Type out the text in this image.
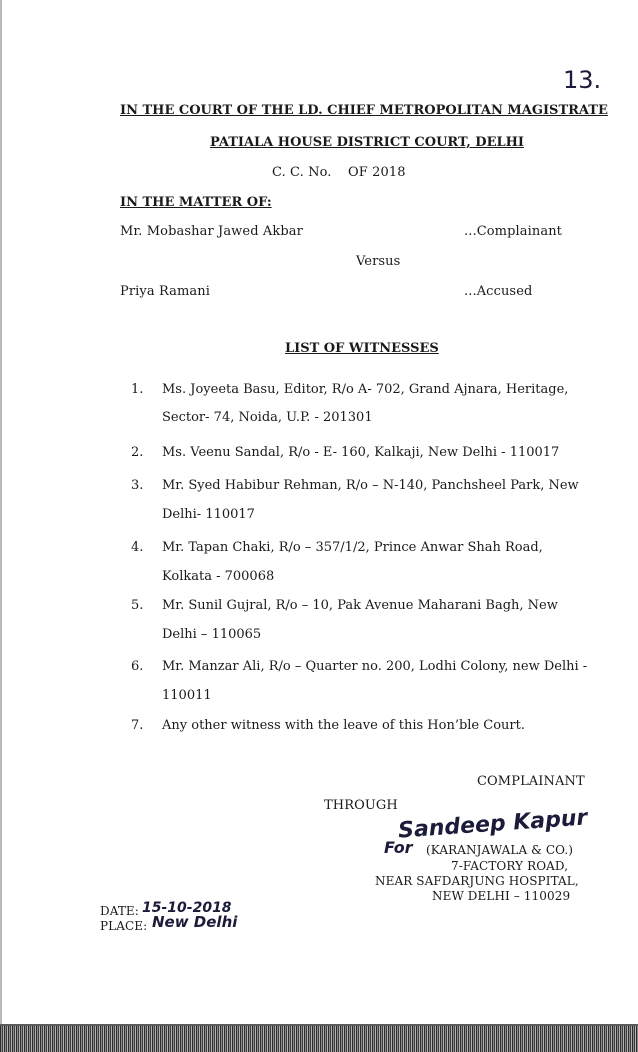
13.
IN THE COURT OF THE LD. CHIEF METROPOLITAN MAGISTRATE
PATIALA HOUSE DISTRICT COURT, DELHI
C. C. No. OF 2018
IN THE MATTER OF:
Mr. Mobashar Jawed Akbar	...Complainant
Versus
Priya Ramani	...Accused
LIST OF WITNESSES
1. Ms. Joyeeta Basu, Editor, R/o A- 702, Grand Ajnara, Heritage,
Sector- 74, Noida, U.P. - 201301
2. Ms. Veenu Sandal, R/o - E- 160, Kalkaji, New Delhi - 110017
3. Mr. Syed Habibur Rehman, R/o – N-140, Panchsheel Park, New
Delhi- 110017
4. Mr. Tapan Chaki, R/o – 357/1/2, Prince Anwar Shah Road,
Kolkata - 700068
5. Mr. Sunil Gujral, R/o – 10, Pak Avenue Maharani Bagh, New
Delhi – 110065
6. Mr. Manzar Ali, R/o – Quarter no. 200, Lodhi Colony, new Delhi -
110011
7. Any other witness with the leave of this Hon’ble Court.
COMPLAINANT
THROUGH Sandeep Kapur
For (KARANJAWALA & CO.)
7-FACTORY ROAD,
NEAR SAFDARJUNG HOSPITAL,
NEW DELHI – 110029
DATE: 15-10-2018
PLACE: New Delhi
